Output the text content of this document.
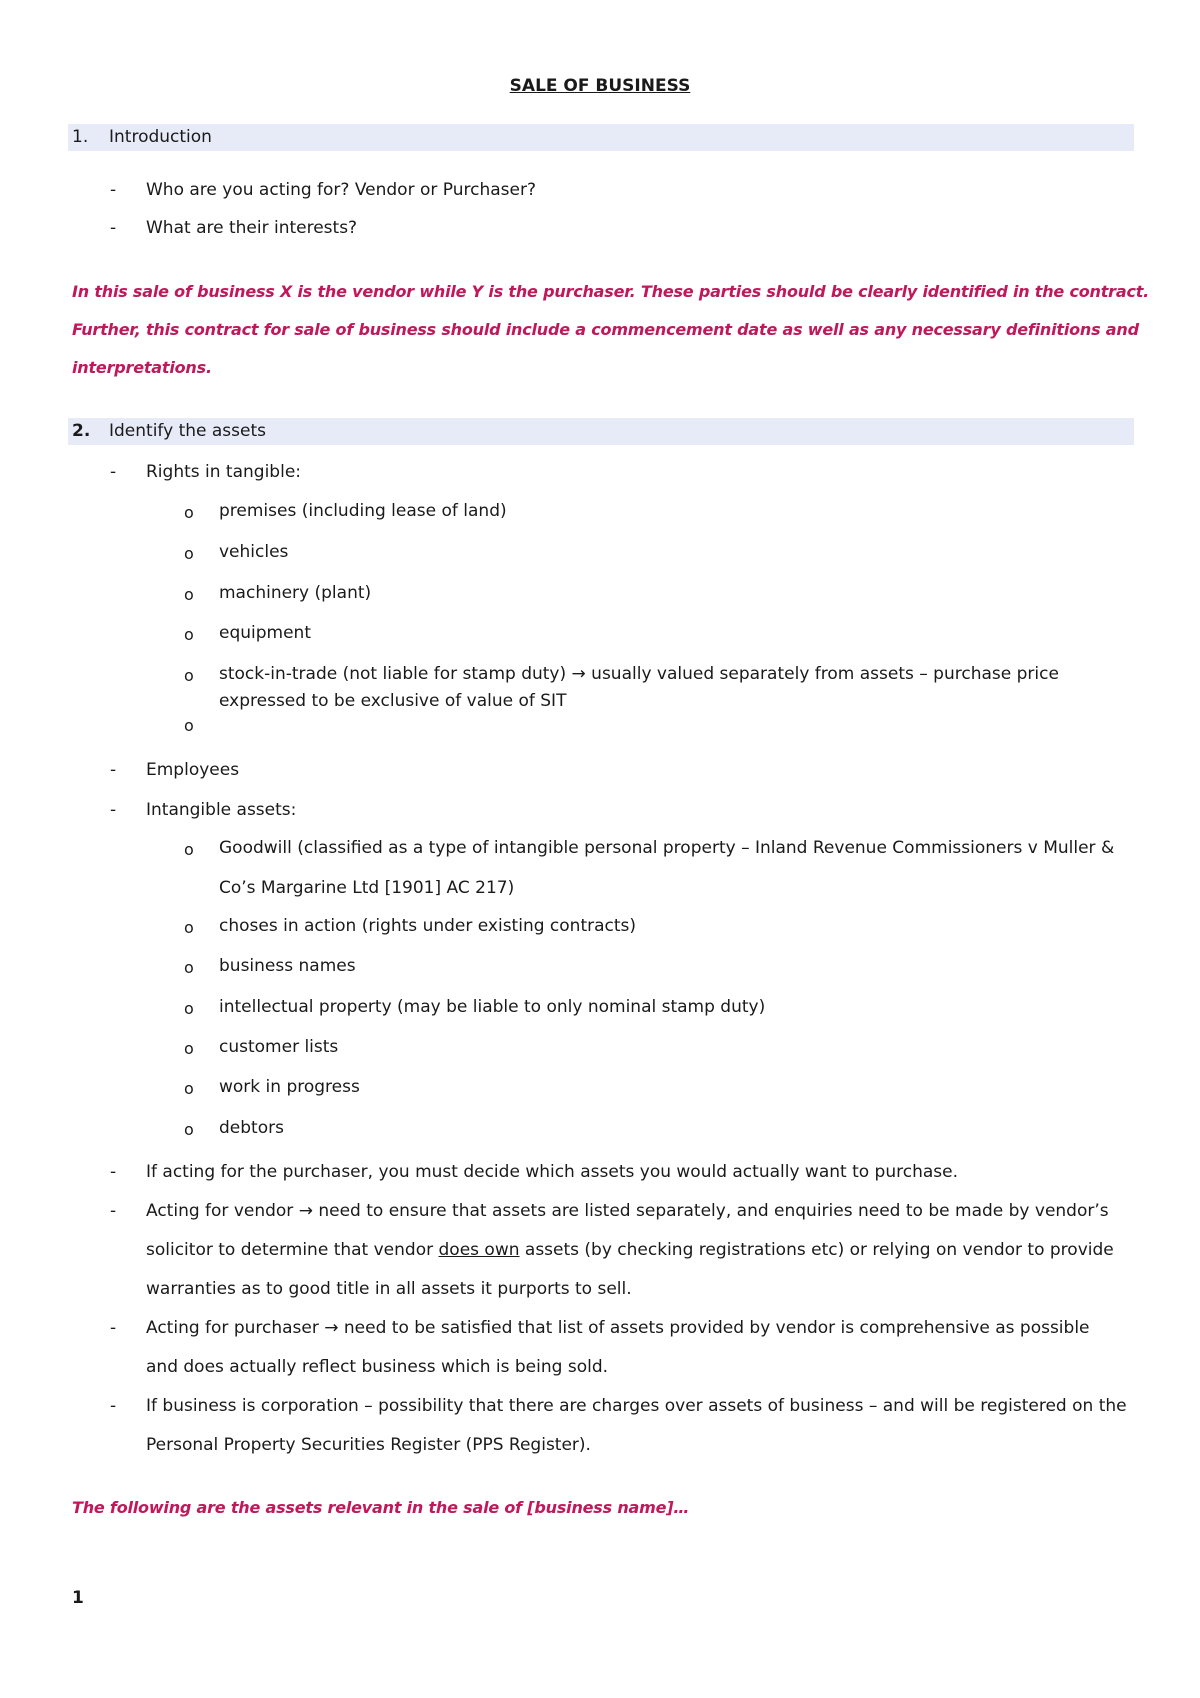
SALE OF BUSINESS
1. Introduction
- Who are you acting for? Vendor or Purchaser?
- What are their interests?
In this sale of business X is the vendor while Y is the purchaser. These parties should be clearly identified in the contract.
Further, this contract for sale of business should include a commencement date as well as any necessary definitions and
interpretations.
2. Identify the assets
- Rights in tangible:
o premises (including lease of land)
o vehicles
o machinery (plant)
o equipment
o stock-in-trade (not liable for stamp duty) → usually valued separately from assets – purchase price
expressed to be exclusive of value of SIT
o
- Employees
- Intangible assets:
o Goodwill (classified as a type of intangible personal property – Inland Revenue Commissioners v Muller &
Co’s Margarine Ltd [1901] AC 217)
o choses in action (rights under existing contracts)
o business names
o intellectual property (may be liable to only nominal stamp duty)
o customer lists
o work in progress
o debtors
- If acting for the purchaser, you must decide which assets you would actually want to purchase.
- Acting for vendor → need to ensure that assets are listed separately, and enquiries need to be made by vendor’s
solicitor to determine that vendor does own assets (by checking registrations etc) or relying on vendor to provide
warranties as to good title in all assets it purports to sell.
- Acting for purchaser → need to be satisfied that list of assets provided by vendor is comprehensive as possible
and does actually reflect business which is being sold.
- If business is corporation – possibility that there are charges over assets of business – and will be registered on the
Personal Property Securities Register (PPS Register).
The following are the assets relevant in the sale of [business name]…
1
